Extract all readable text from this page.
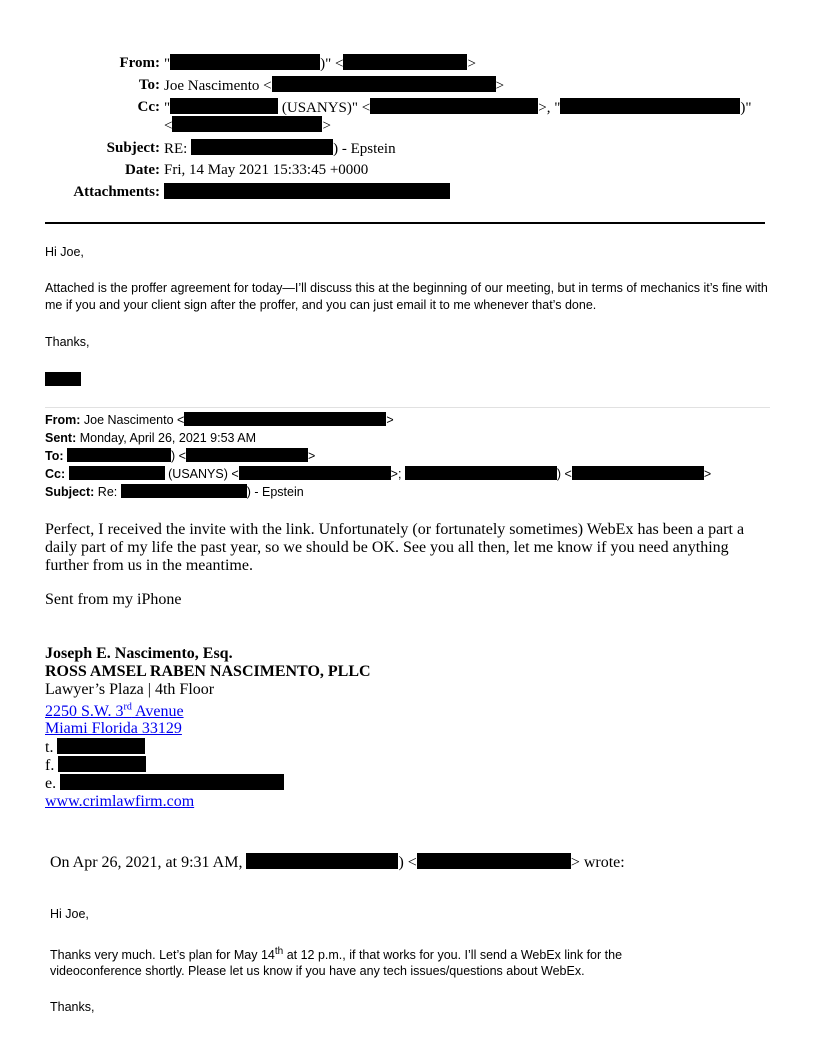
From: "	)" <	>
To: Joe Nascimento <	>
Cc: "	(USANYS)" <	>, "	)"
<	>
Subject: RE:	) - Epstein
Date: Fri, 14 May 2021 15:33:45 +0000
Attachments:
Hi Joe,
Attached is the proffer agreement for today—I’ll discuss this at the beginning of our meeting, but in terms of mechanics it’s fine with me if you and your client sign after the proffer, and you can just email it to me whenever that’s done.
Thanks,
From: Joe Nascimento <	>
Sent: Monday, April 26, 2021 9:53 AM
To:	) <	>
Cc:	(USANYS) <	>;	) <	>
Subject: Re:	) - Epstein
Perfect, I received the invite with the link. Unfortunately (or fortunately sometimes) WebEx has been a part a daily part of my life the past year, so we should be OK. See you all then, let me know if you need anything further from us in the meantime.
Sent from my iPhone
Joseph E. Nascimento, Esq.
ROSS AMSEL RABEN NASCIMENTO, PLLC
Lawyer’s Plaza | 4th Floor
2250 S.W. 3rd Avenue
Miami Florida 33129
t.
f.
e.
www.crimlawfirm.com
On Apr 26, 2021, at 9:31 AM,	) <	> wrote:
Hi Joe,
Thanks very much. Let’s plan for May 14th at 12 p.m., if that works for you. I’ll send a WebEx link for the
videoconference shortly. Please let us know if you have any tech issues/questions about WebEx.
Thanks,
